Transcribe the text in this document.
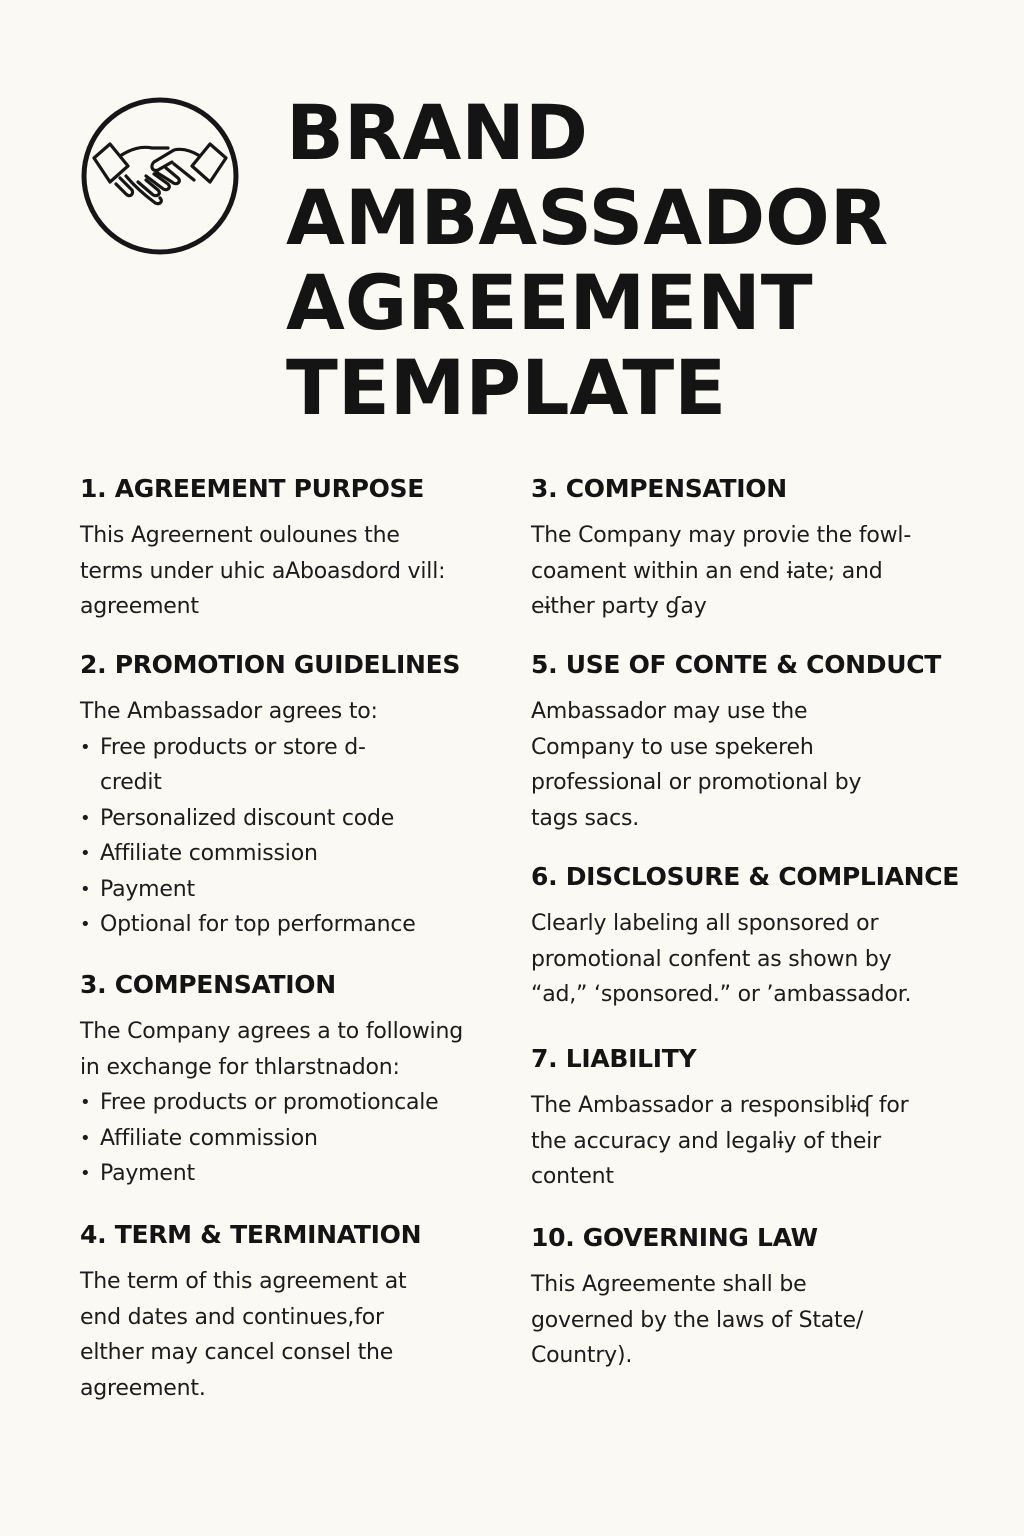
BRAND
AMBASSADOR
AGREEMENT
TEMPLATE
1. AGREEMENT PURPOSE

This Agreernent oulounes the
terms under uhic aAboasdord vill:
agreement

2. PROMOTION GUIDELINES

The Ambassador agrees to:

• Free products or store d-
credit
• Personalized discount code
• Affiliate commission
• Payment
• Optional for top performance
3. COMPENSATION

The Company agrees a to following
in exchange for thlarstnadon:

• Free products or promotioncale
• Affiliate commission
• Payment
4. TERM & TERMINATION

The term of this agreement at
end dates and continues,for
elther may cancel consel the
agreement.

3. COMPENSATION

The Company may provie the fowl-
coament within an end ɨate; and
eɨther party ɠay

5. USE OF CONTE & CONDUCT

Ambassador may use the
Company to use spekereh
professional or promotional by
tags sacs.

6. DISCLOSURE & COMPLIANCE

Clearly labeling all sponsored or
promotional confent as shown by
“ad,” ‘sponsored.” or ’ambassador.

7. LIABILITY

The Ambassador a responsiblɨʠ for
the accuracy and legalɨy of their
content

10. GOVERNING LAW

This Agreemente shall be
governed by the laws of State/
Country).
